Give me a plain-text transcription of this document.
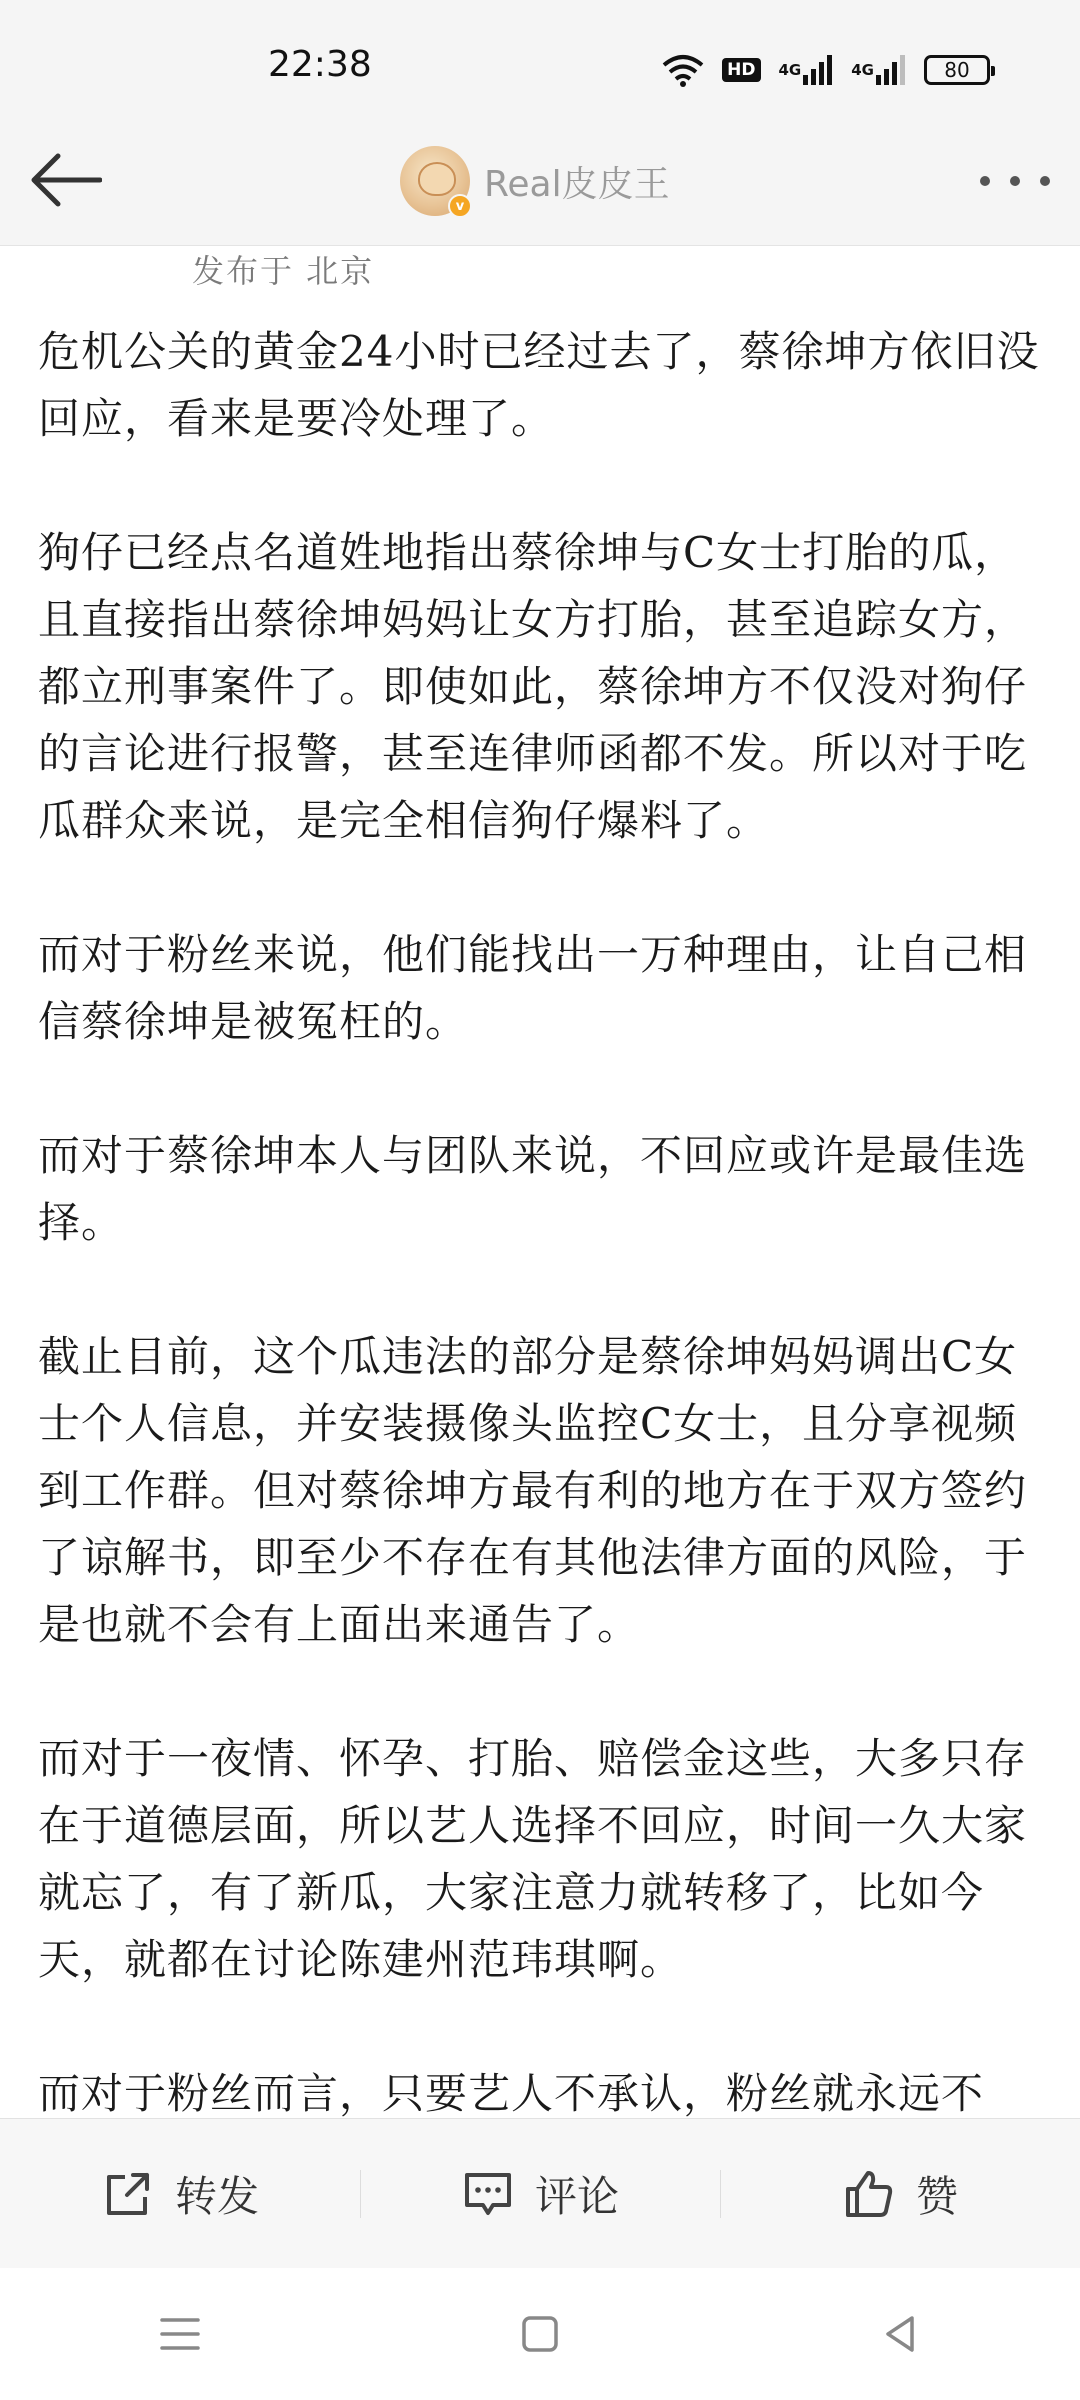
22:38	HD	4G	4G	80
v
Real皮皮王
发布于 北京

危机公关的黄金24小时已经过去了，蔡徐坤方依旧没回应，看来是要冷处理了。

狗仔已经点名道姓地指出蔡徐坤与C女士打胎的瓜，且直接指出蔡徐坤妈妈让女方打胎，甚至追踪女方，都立刑事案件了。即使如此，蔡徐坤方不仅没对狗仔的言论进行报警，甚至连律师函都不发。所以对于吃瓜群众来说，是完全相信狗仔爆料了。

而对于粉丝来说，他们能找出一万种理由，让自己相信蔡徐坤是被冤枉的。

而对于蔡徐坤本人与团队来说，不回应或许是最佳选择。

截止目前，这个瓜违法的部分是蔡徐坤妈妈调出C女士个人信息，并安装摄像头监控C女士，且分享视频到工作群。但对蔡徐坤方最有利的地方在于双方签约了谅解书，即至少不存在有其他法律方面的风险，于是也就不会有上面出来通告了。

而对于一夜情、怀孕、打胎、赔偿金这些，大多只存在于道德层面，所以艺人选择不回应，时间一久大家就忘了，有了新瓜，大家注意力就转移了，比如今天，就都在讨论陈建州范玮琪啊。

而对于粉丝而言，只要艺人不承认，粉丝就永远不

转发	评论	赞
